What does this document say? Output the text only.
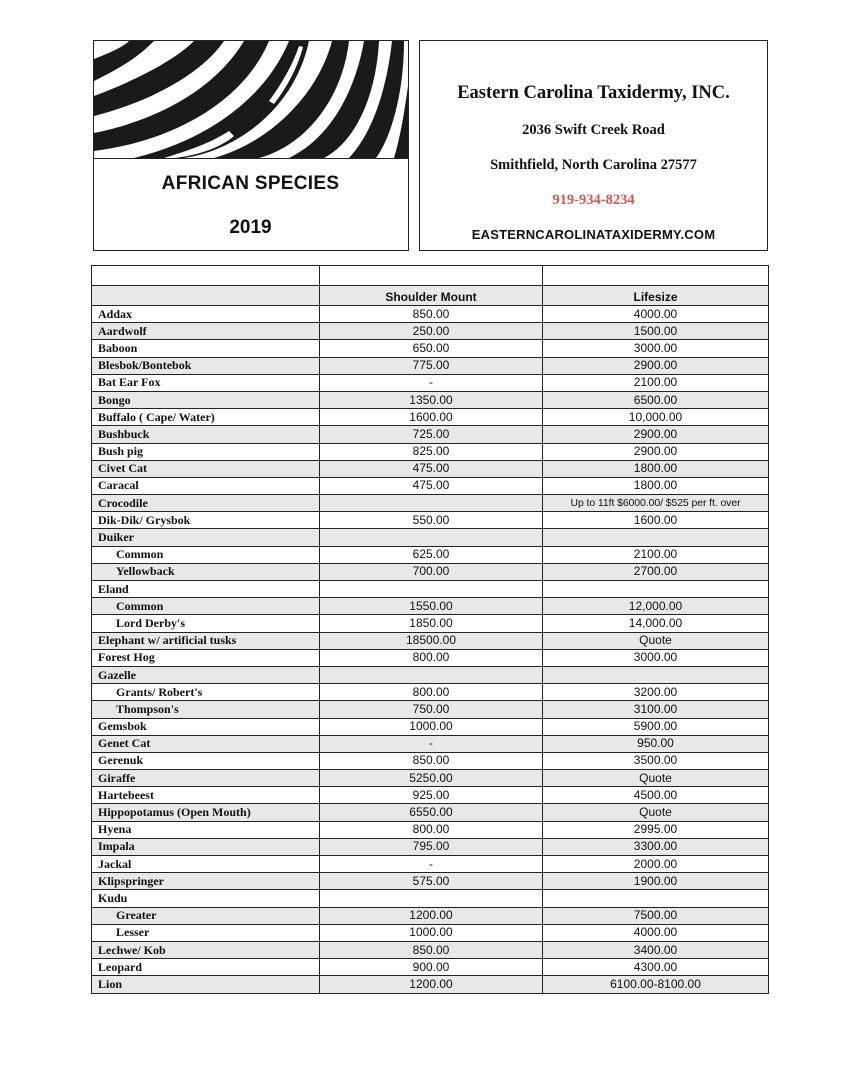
AFRICAN SPECIES
2019
Eastern Carolina Taxidermy, INC.
2036 Swift Creek Road
Smithfield, North Carolina 27577
919-934-8234
EASTERNCAROLINATAXIDERMY.COM

	Shoulder Mount	Lifesize
Addax	850.00	4000.00
Aardwolf	250.00	1500.00
Baboon	650.00	3000.00
Blesbok/Bontebok	775.00	2900.00
Bat Ear Fox	-	2100.00
Bongo	1350.00	6500.00
Buffalo ( Cape/ Water)	1600.00	10,000.00
Bushbuck	725.00	2900.00
Bush pig	825.00	2900.00
Civet Cat	475.00	1800.00
Caracal	475.00	1800.00
Crocodile		Up to 11ft $6000.00/ $525 per ft. over
Dik-Dik/ Grysbok	550.00	1600.00
Duiker		
Common	625.00	2100.00
Yellowback	700.00	2700.00
Eland		
Common	1550.00	12,000.00
Lord Derby's	1850.00	14,000.00
Elephant w/ artificial tusks	18500.00	Quote
Forest Hog	800.00	3000.00
Gazelle		
Grants/ Robert's	800.00	3200.00
Thompson's	750.00	3100.00
Gemsbok	1000.00	5900.00
Genet Cat	-	950.00
Gerenuk	850.00	3500.00
Giraffe	5250.00	Quote
Hartebeest	925.00	4500.00
Hippopotamus (Open Mouth)	6550.00	Quote
Hyena	800.00	2995.00
Impala	795.00	3300.00
Jackal	-	2000.00
Klipspringer	575.00	1900.00
Kudu		
Greater	1200.00	7500.00
Lesser	1000.00	4000.00
Lechwe/ Kob	850.00	3400.00
Leopard	900.00	4300.00
Lion	1200.00	6100.00-8100.00
